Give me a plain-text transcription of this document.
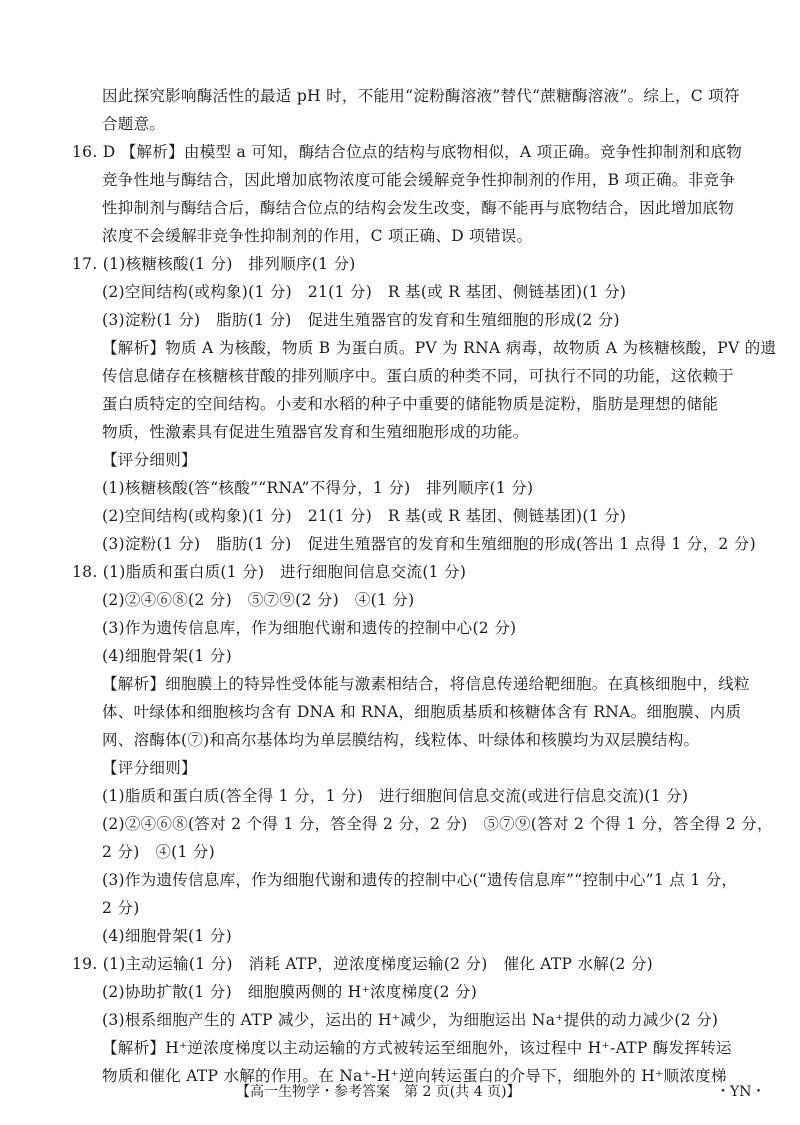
因此探究影响酶活性的最适 pH 时，不能用“淀粉酶溶液”替代“蔗糖酶溶液”。综上，C 项符
合题意。
16. D 【解析】由模型 a 可知，酶结合位点的结构与底物相似，A 项正确。竞争性抑制剂和底物
竞争性地与酶结合，因此增加底物浓度可能会缓解竞争性抑制剂的作用，B 项正确。非竞争
性抑制剂与酶结合后，酶结合位点的结构会发生改变，酶不能再与底物结合，因此增加底物
浓度不会缓解非竞争性抑制剂的作用，C 项正确、D 项错误。
17. (1)核糖核酸(1 分)　排列顺序(1 分)
(2)空间结构(或构象)(1 分)　21(1 分)　R 基(或 R 基团、侧链基团)(1 分)
(3)淀粉(1 分)　脂肪(1 分)　促进生殖器官的发育和生殖细胞的形成(2 分)
【解析】物质 A 为核酸，物质 B 为蛋白质。PV 为 RNA 病毒，故物质 A 为核糖核酸，PV 的遗
传信息储存在核糖核苷酸的排列顺序中。蛋白质的种类不同，可执行不同的功能，这依赖于
蛋白质特定的空间结构。小麦和水稻的种子中重要的储能物质是淀粉，脂肪是理想的储能
物质，性激素具有促进生殖器官发育和生殖细胞形成的功能。
【评分细则】
(1)核糖核酸(答“核酸”“RNA”不得分，1 分)　排列顺序(1 分)
(2)空间结构(或构象)(1 分)　21(1 分)　R 基(或 R 基团、侧链基团)(1 分)
(3)淀粉(1 分)　脂肪(1 分)　促进生殖器官的发育和生殖细胞的形成(答出 1 点得 1 分，2 分)
18. (1)脂质和蛋白质(1 分)　进行细胞间信息交流(1 分)
(2)②④⑥⑧(2 分)　⑤⑦⑨(2 分)　④(1 分)
(3)作为遗传信息库，作为细胞代谢和遗传的控制中心(2 分)
(4)细胞骨架(1 分)
【解析】细胞膜上的特异性受体能与激素相结合，将信息传递给靶细胞。在真核细胞中，线粒
体、叶绿体和细胞核均含有 DNA 和 RNA，细胞质基质和核糖体含有 RNA。细胞膜、内质
网、溶酶体(⑦)和高尔基体均为单层膜结构，线粒体、叶绿体和核膜均为双层膜结构。
【评分细则】
(1)脂质和蛋白质(答全得 1 分，1 分)　进行细胞间信息交流(或进行信息交流)(1 分)
(2)②④⑥⑧(答对 2 个得 1 分，答全得 2 分，2 分)　⑤⑦⑨(答对 2 个得 1 分，答全得 2 分，
2 分)　④(1 分)
(3)作为遗传信息库，作为细胞代谢和遗传的控制中心(“遗传信息库”“控制中心”1 点 1 分，
2 分)
(4)细胞骨架(1 分)
19. (1)主动运输(1 分)　消耗 ATP，逆浓度梯度运输(2 分)　催化 ATP 水解(2 分)
(2)协助扩散(1 分)　细胞膜两侧的 H⁺浓度梯度(2 分)
(3)根系细胞产生的 ATP 减少，运出的 H⁺减少，为细胞运出 Na⁺提供的动力减少(2 分)
【解析】H⁺逆浓度梯度以主动运输的方式被转运至细胞外，该过程中 H⁺-ATP 酶发挥转运
物质和催化 ATP 水解的作用。在 Na⁺-H⁺逆向转运蛋白的介导下，细胞外的 H⁺顺浓度梯
【高一生物学・参考答案　第 2 页(共 4 页)】	・YN・
